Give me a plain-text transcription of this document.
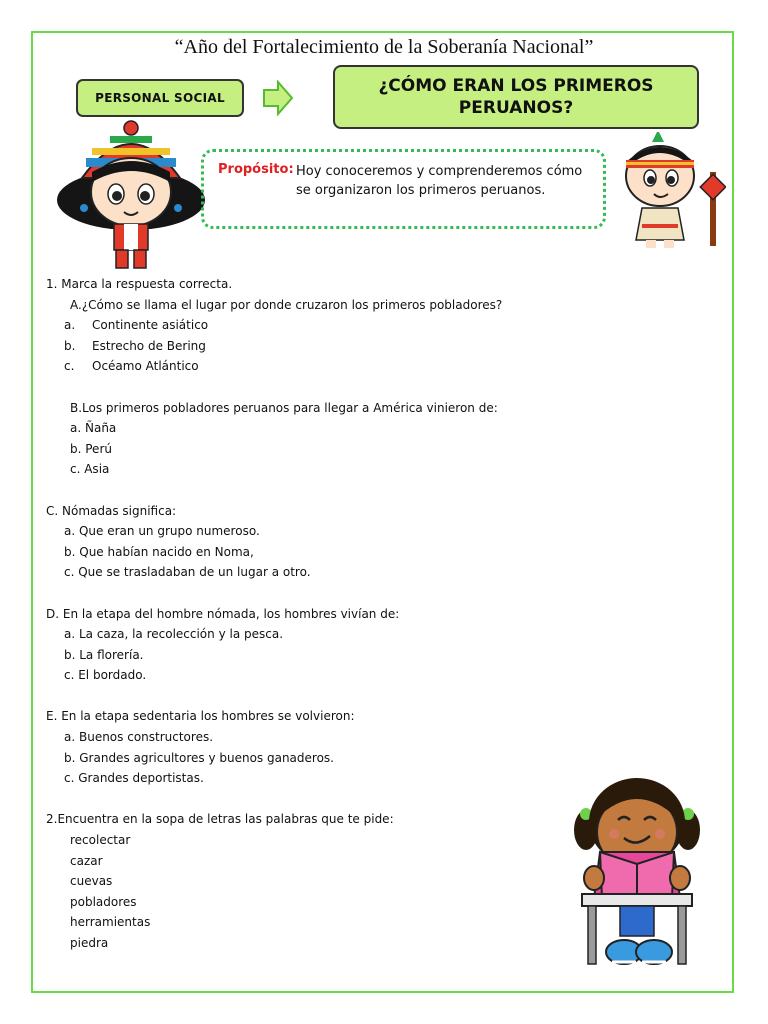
“Año del Fortalecimiento de la Soberanía Nacional”
PERSONAL SOCIAL
¿CÓMO ERAN LOS PRIMEROS PERUANOS?
Propósito: Hoy conoceremos y comprenderemos cómo se organizaron los primeros peruanos.

1. Marca la respuesta correcta.

A.¿Cómo se llama el lugar por donde cruzaron los primeros pobladores?

a. Continente asiático

b. Estrecho de Bering

c. Océamo Atlántico

B.Los primeros pobladores peruanos para llegar a América vinieron de:

a. Ñaña

b. Perú

c. Asia

C. Nómadas significa:

a. Que eran un grupo numeroso.

b. Que habían nacido en Noma,

c. Que se trasladaban de un lugar a otro.

D. En la etapa del hombre nómada, los hombres vivían de:

a. La caza, la recolección y la pesca.

b. La florería.

c. El bordado.

E. En la etapa sedentaria los hombres se volvieron:

a. Buenos constructores.

b. Grandes agricultores y buenos ganaderos.

c. Grandes deportistas.

2.Encuentra en la sopa de letras las palabras que te pide:

recolectar

cazar

cuevas

pobladores

herramientas

piedra
